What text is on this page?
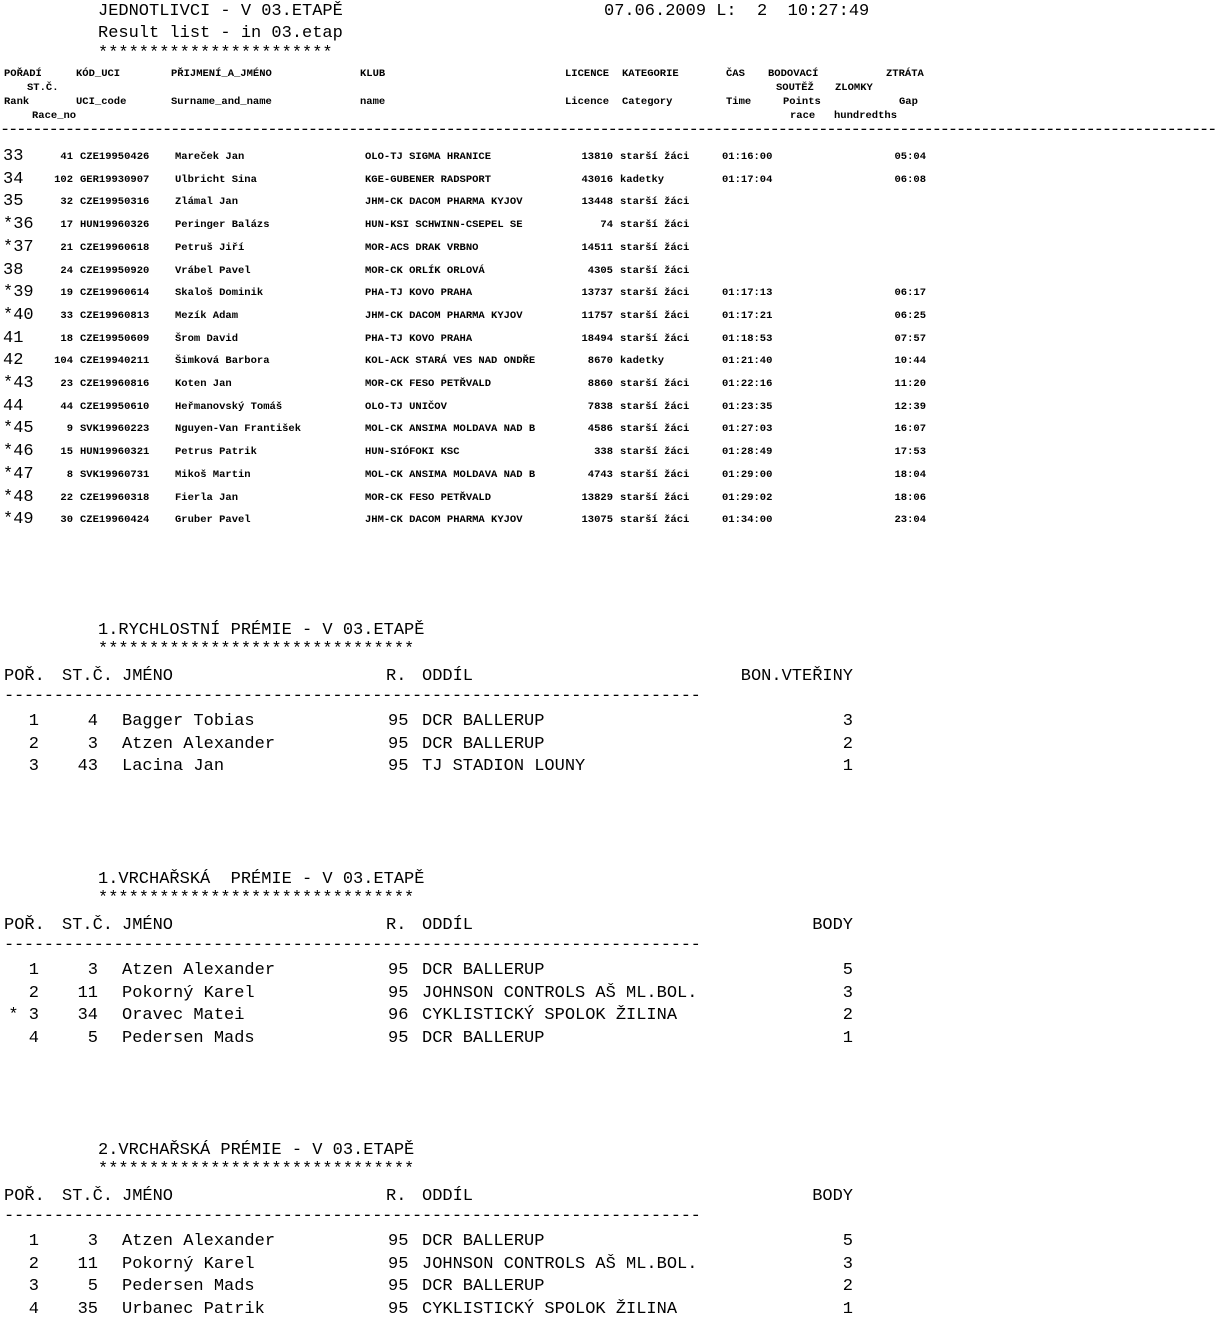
JEDNOTLIVCI - V 03.ETAPĚ	07.06.2009 L:  2  10:27:49
Result list - in 03.etap
***********************
POŘADÍ	KÓD_UCI	PŘIJMENÍ_A_JMÉNO	KLUB	LICENCE KATEGORIE	ČAS BODOVACÍ	ZTRÁTA
ST.Č.	SOUTĚŽ ZLOMKY
Rank	UCI_code	Surname_and_name	name	Licence Category	Time	Points	Gap
Race_no	race hundredths
------------------------------------------------------------------------------------------------------------------------------------------------------
33	41 CZE19950426 Mareček Jan	OLO-TJ SIGMA HRANICE	13810 starší žáci	01:16:00	05:04
34	102 GER19930907 Ulbricht Sina	KGE-GUBENER RADSPORT	43016 kadetky	01:17:04	06:08
35	32 CZE19950316 Zlámal Jan	JHM-CK DACOM PHARMA KYJOV	13448 starší žáci
*36	17 HUN19960326 Peringer Balázs	HUN-KSI SCHWINN-CSEPEL SE	74 starší žáci
*37	21 CZE19960618 Petruš Jiří	MOR-ACS DRAK VRBNO	14511 starší žáci
38	24 CZE19950920 Vrábel Pavel	MOR-CK ORLÍK ORLOVÁ	4305 starší žáci
*39	19 CZE19960614 Skaloš Dominik	PHA-TJ KOVO PRAHA	13737 starší žáci	01:17:13	06:17
*40	33 CZE19960813 Mezík Adam	JHM-CK DACOM PHARMA KYJOV	11757 starší žáci	01:17:21	06:25
41	18 CZE19950609 Šrom David	PHA-TJ KOVO PRAHA	18494 starší žáci	01:18:53	07:57
42	104 CZE19940211 Šimková Barbora	KOL-ACK STARÁ VES NAD ONDŘE	8670 kadetky	01:21:40	10:44
*43	23 CZE19960816 Koten Jan	MOR-CK FESO PETŘVALD	8860 starší žáci	01:22:16	11:20
44	44 CZE19950610 Heřmanovský Tomáš	OLO-TJ UNIČOV	7838 starší žáci	01:23:35	12:39
*45	9 SVK19960223 Nguyen-Van František	MOL-CK ANSIMA MOLDAVA NAD B	4586 starší žáci	01:27:03	16:07
*46	15 HUN19960321 Petrus Patrik	HUN-SIÓFOKI KSC	338 starší žáci	01:28:49	17:53
*47	8 SVK19960731 Mikoš Martin	MOL-CK ANSIMA MOLDAVA NAD B	4743 starší žáci	01:29:00	18:04
*48	22 CZE19960318 Fierla Jan	MOR-CK FESO PETŘVALD	13829 starší žáci	01:29:02	18:06
*49	30 CZE19960424 Gruber Pavel	JHM-CK DACOM PHARMA KYJOV	13075 starší žáci	01:34:00	23:04
1.RYCHLOSTNÍ PRÉMIE - V 03.ETAPĚ
*******************************
POŘ. ST.Č. JMÉNO	R. ODDÍL	BON.VTEŘINY
----------------------------------------------------------------------
1	4 Bagger Tobias	95 DCR BALLERUP	3
2	3 Atzen Alexander	95 DCR BALLERUP	2
3 43 Lacina Jan	95 TJ STADION LOUNY	1
1.VRCHAŘSKÁ  PRÉMIE - V 03.ETAPĚ
*******************************
POŘ. ST.Č. JMÉNO	R. ODDÍL	BODY
----------------------------------------------------------------------
1	3 Atzen Alexander	95 DCR BALLERUP	5
2 11 Pokorný Karel	95 JOHNSON CONTROLS AŠ ML.BOL.	3
* 3 34 Oravec Matei	96 CYKLISTICKÝ SPOLOK ŽILINA	2
4	5 Pedersen Mads	95 DCR BALLERUP	1
2.VRCHAŘSKÁ PRÉMIE - V 03.ETAPĚ
*******************************
POŘ. ST.Č. JMÉNO	R. ODDÍL	BODY
----------------------------------------------------------------------
1	3 Atzen Alexander	95 DCR BALLERUP	5
2 11 Pokorný Karel	95 JOHNSON CONTROLS AŠ ML.BOL.	3
3	5 Pedersen Mads	95 DCR BALLERUP	2
4 35 Urbanec Patrik	95 CYKLISTICKÝ SPOLOK ŽILINA	1
